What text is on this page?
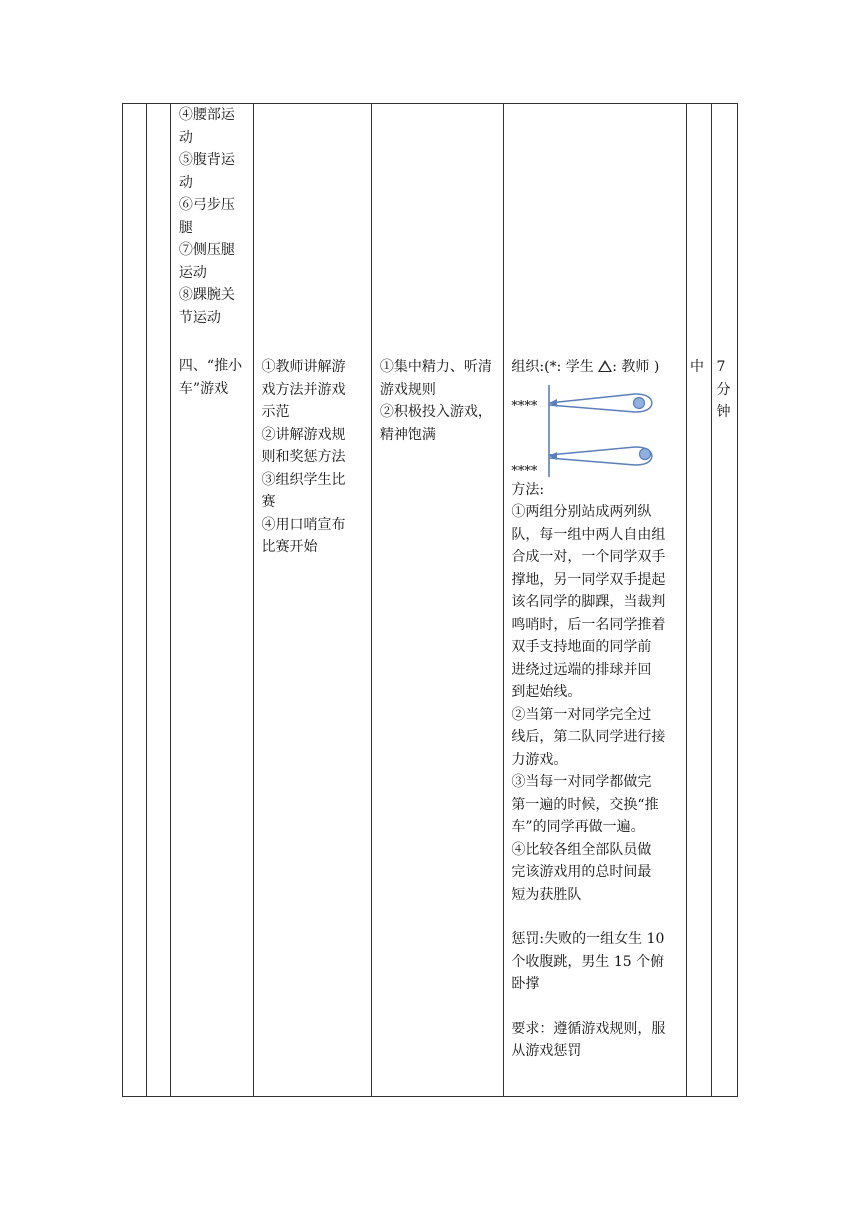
④腰部运
动
⑤腹背运
动
⑥弓步压
腿
⑦侧压腿
运动
⑧踝腕关
节运动
四、“推小
车”游戏

①教师讲解游
戏方法并游戏
示范
②讲解游戏规
则和奖惩方法
③组织学生比
赛
④用口哨宣布
比赛开始

①集中精力、听清
游戏规则
②积极投入游戏，
精神饱满

组织:(*: 学生 : 教师 )
****
****
方法:
①两组分别站成两列纵
队，每一组中两人自由组
合成一对，一个同学双手
撑地，另一同学双手提起
该名同学的脚踝，当裁判
鸣哨时，后一名同学推着
双手支持地面的同学前
进绕过远端的排球并回
到起始线。
②当第一对同学完全过
线后，第二队同学进行接
力游戏。
③当每一对同学都做完
第一遍的时候，交换“推
车”的同学再做一遍。
④比较各组全部队员做
完该游戏用的总时间最
短为获胜队
惩罚:失败的一组女生 10
个收腹跳，男生 15 个俯
卧撑
要求：遵循游戏规则，服
从游戏惩罚

中	7
分
钟
